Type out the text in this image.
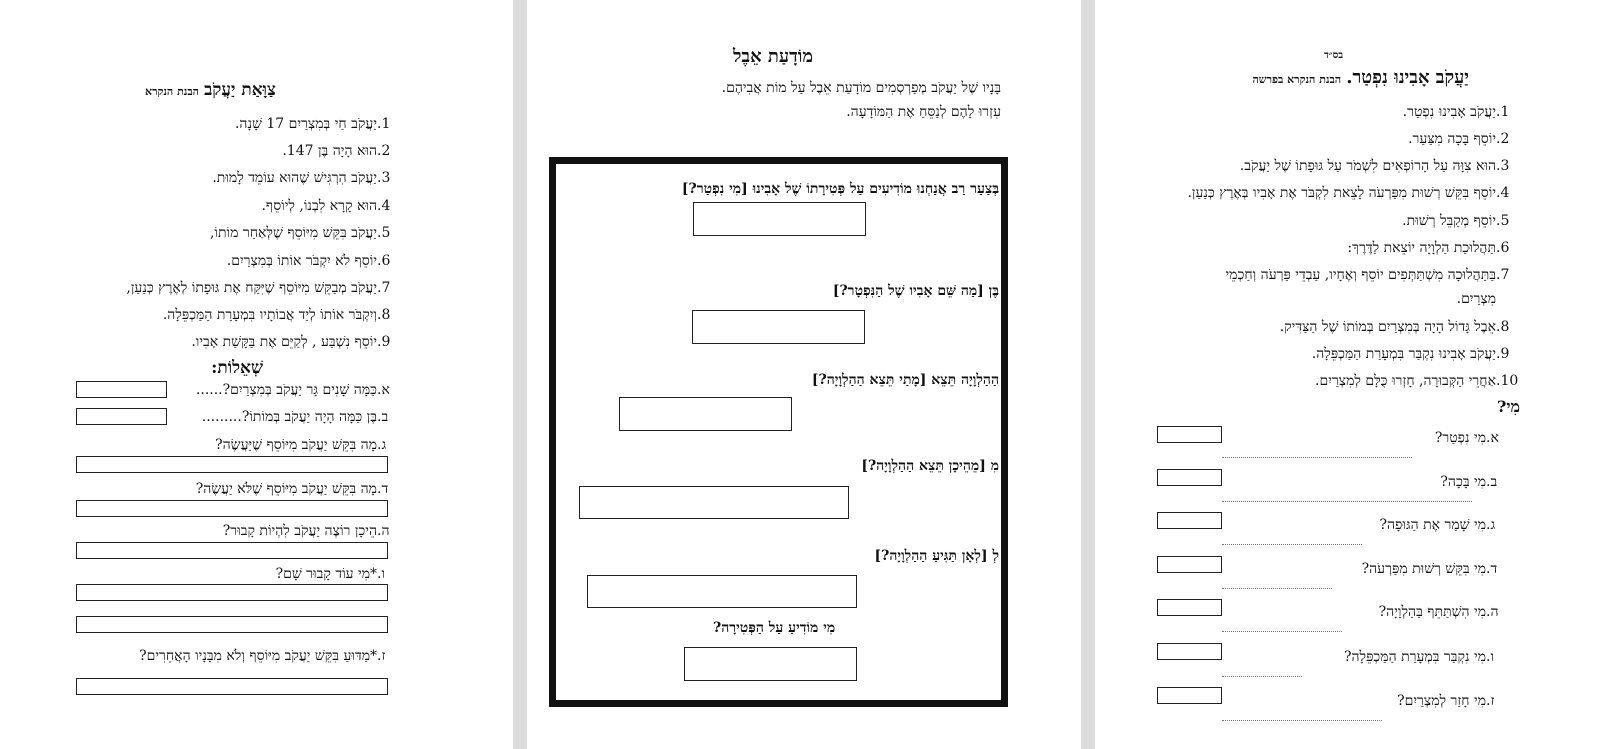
צַוָּאַת יַעֲקֹב הבנת הנקרא
1.יַעֲקֹב חַי בְּמִצְרַיִם 17 שָׁנָה.
2.הוּא הָיָה בֶּן 147.
3.יַעֲקֹב הִרְגִּישׁ שֶׁהוּא עוֹמֵד לָמוּת.
4.הוּא קָרָא לִבְנוֹ, לְיוֹסֵף.
5.יַעֲקֹב בִּקֵּשׁ מִיּוֹסֵף שֶׁלְּאַחַר מוֹתוֹ,
6.יוֹסֵף לֹא יִקְבֹּר אוֹתוֹ בְּמִצְרַיִם.
7.יַעֲקֹב מְבַקֵּשׁ מִיּוֹסֵף שֶׁיִּקַּח אֶת גּוּפָתוֹ לְאֶרֶץ כְּנַעַן,
8.וְיִקְבֹּר אוֹתוֹ לְיַד אֲבוֹתָיו בִּמְעָרַת הַמַּכְפֵּלָה.
9.יוֹסֵף נִשְׁבַּע , לְקַיֵּם אֶת בַּקָּשַׁת אָבִיו.
שְׁאֵלוֹת:
א.כַּמָּה שָׁנִים גָּר יַעֲקֹב בְּמִצְרַיִם?......
ב.בֶּן כַּמָּה הָיָה יַעֲקֹב בְּמוֹתוֹ?.........
ג.מָה בִּקֵּשׁ יַעֲקֹב מִיּוֹסֵף שֶׁיַּעֲשֶׂה?
ד.מָה בִּקֵּשׁ יַעֲקֹב מִיּוֹסֵף שֶׁלֹּא יַעֲשֶׂה?
ה.הֵיכָן רוֹצֶה יַעֲקֹב לִהְיוֹת קָבוּר?
ו.*מִי עוֹד קָבוּר שָׁם?
ז.*מַדּוּעַ בִּקֵּשׁ יַעֲקֹב מִיּוֹסֵף וְלֹא מִבָּנָיו הָאֲחֵרִים?
מוֹדָעַת אֵבֶל
בָּנָיו שֶׁל יַעֲקֹב מְפַרְסְמִים מוֹדָעַת אֵבֶל עַל מוֹת אֲבִיהֶם.
עִזְרוּ לָהֶם לְנַסֵּחַ אֶת הַמּוֹדָעָה.
בְּצַעַר רַב אֲנַחְנוּ מוֹדִיעִים עַל פְּטִירָתוֹ שֶׁל אָבִינוּ [מִי נִפְטַר?]
בֶּן [מַה שֵּׁם אָבִיו שֶׁל הַנִּפְטָר?]
הַהַלְוָיָה תֵּצֵא [מָתַי תֵּצֵא הַהַלְוָיָה?]
מִ [מֵהֵיכָן תֵּצֵא הַהַלְוָיָה?]
לְ [לְאָן תַּגִּיעַ הַהַלְוָיָה?]
מִי מוֹדִיעַ עַל הַפְּטִירָה?
בס״ד
יַעֲקֹב אָבִינוּ נִפְטַר. הבנת הנקרא בפרשה
1.יַעֲקֹב אָבִינוּ נִפְטַר.
2.יוֹסֵף בָּכָה מִצַּעַר.
3.הוּא צִוָּה עַל הָרוֹפְאִים לִשְׁמֹר עַל גּוּפָתוֹ שֶׁל יַעֲקֹב.
4.יוֹסֵף בִּקֵּשׁ רְשׁוּת מִפַּרְעֹה לָצֵאת לִקְבֹּר אֶת אָבִיו בְּאֶרֶץ כְּנַעַן.
5.יוֹסֵף מְקַבֵּל רְשׁוּת.
6.תַּהֲלוּכַת הַלְוָיָה יוֹצֵאת לַדֶּרֶךְ:
7.בַּתַּהֲלוּכָה מִשְׁתַּתְּפִים יוֹסֵף וְאֶחָיו, עַבְדֵי פַּרְעֹה וְחַכְמֵי
מִצְרַיִם.
8.אֵבֶל גָּדוֹל הָיָה בְּמִצְרַיִם בְּמוֹתוֹ שֶׁל הַצַּדִּיק.
9.יַעֲקֹב אָבִינוּ נִקְבַּר בִּמְעָרַת הַמַּכְפֵּלָה.
10.אַחֲרֵי הַקְּבוּרָה, חָזְרוּ כֻּלָּם לְמִצְרַיִם.
מִי?
א.מִי נִפְטַר?
ב.מִי בָּכָה?
ג.מִי שָׁמַר אֶת הַגּוּפָה?
ד.מִי בִּקֵּשׁ רְשׁוּת מִפַּרְעֹה?
ה.מִי הִשְׁתַּתֵּף בַּהַלְוָיָה?
ו.מִי נִקְבַּר בִּמְעָרַת הַמַּכְפֵּלָה?
ז.מִי חָזַר לְמִצְרַיִם?
